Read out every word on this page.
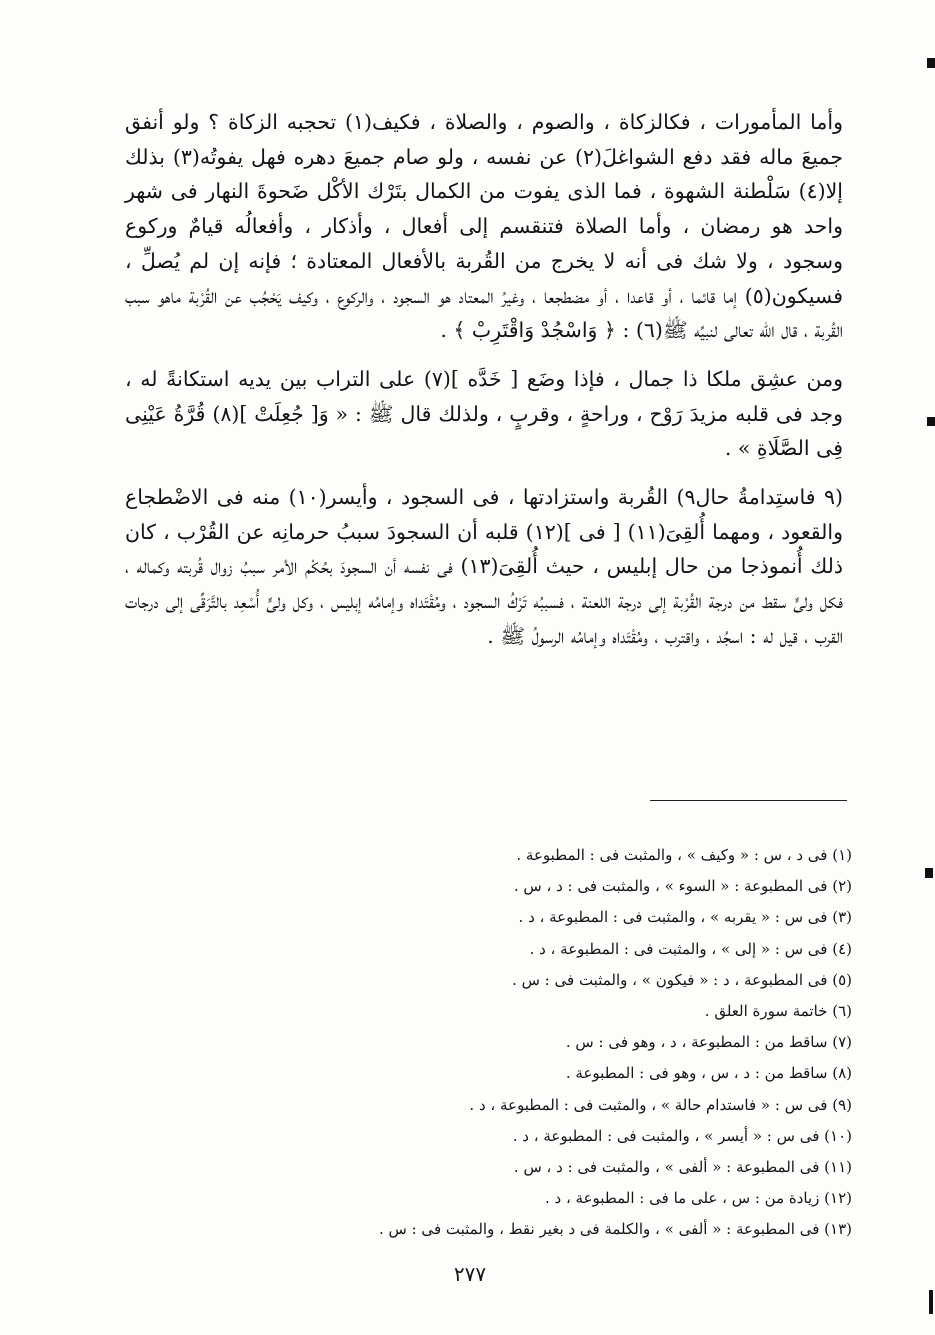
وأما المأمورات ، فكالزكاة ، والصوم ، والصلاة ، فكيف(١) تحجبه الزكاة ؟ ولو أنفق جميعَ ماله فقد دفع الشواغلَ(٢) عن نفسه ، ولو صام جميعَ دهره فهل يفوتُه(٣) بذلك إلا(٤) سَلْطنة الشهوة ، فما الذى يفوت من الكمال بتَرْك الأكْل ضَحوةَ النهار فى شهر واحد هو رمضان ، وأما الصلاة فتنقسم إلى أفعال ، وأذكار ، وأفعالُه قيامٌ وركوع وسجود ، ولا شك فى أنه لا يخرج من القُربة بالأفعال المعتادة ؛ فإنه إن لم يُصلِّ ، فسيكون(٥) إما قائما ، أو قاعدا ، أو مضطجعا ، وغيرُ المعتاد هو السجود ، والركوع ، وكيف يَحْجُب عن القُرْبة ماهو سبب القُربة ، قال الله تعالى لنبيِّه ﷺ(٦) : ﴿ وَاسْجُدْ وَاقْتَرِبْ ﴾ .

ومن عشِق ملكا ذا جمال ، فإذا وضَع [ خَدَّه ](٧) على التراب بين يديه استكانةً له ، وجد فى قلبه مزيدَ رَوْح ، وراحةٍ ، وقربٍ ، ولذلك قال ﷺ : « وَ[ جُعِلَتْ ](٨) قُرَّةُ عَيْنِى فِى الصَّلَاةِ » .

(٩ فاستِدامةُ حال٩) القُربة واستزادتها ، فى السجود ، وأيسر(١٠) منه فى الاضْطجاع والقعود ، ومهما أُلقِىَ(١١) [ فى ](١٢) قلبه أن السجودَ سببُ حرمانِه عن القُرْب ، كان ذلك أُنموذجا من حال إبليس ، حيث أُلقِىَ(١٣) فى نفسه أن السجودَ بحُكْم الأمر سببُ زوال قُربته وكماله ، فكل ولىٍّ سقط من درجة القُرْبة إلى درجة اللعنة ، فسببُه تَرْكُ السجود ، ومُقْتَداه وإمامُه إبليس ، وكل ولىٍّ أُسْعِد بالتَّرَقِّى إلى درجات القرب ، قيل له : اسجُد ، واقترب ، ومُقْتَداه وإمامُه الرسولُ ﷺ .

(١) فى د ، س : « وكيف » ، والمثبت فى : المطبوعة .
(٢) فى المطبوعة : « السوء » ، والمثبت فى : د ، س .
(٣) فى س : « يقربه » ، والمثبت فى : المطبوعة ، د .
(٤) فى س : « إلى » ، والمثبت فى : المطبوعة ، د .
(٥) فى المطبوعة ، د : « فيكون » ، والمثبت فى : س .
(٦) خاتمة سورة العلق .
(٧) ساقط من : المطبوعة ، د ، وهو فى : س .
(٨) ساقط من : د ، س ، وهو فى : المطبوعة .
(٩) فى س : « فاستدام حالة » ، والمثبت فى : المطبوعة ، د .
(١٠) فى س : « أيسر » ، والمثبت فى : المطبوعة ، د .
(١١) فى المطبوعة : « ألفى » ، والمثبت فى : د ، س .
(١٢) زيادة من : س ، على ما فى : المطبوعة ، د .
(١٣) فى المطبوعة : « ألفى » ، والكلمة فى د بغير نقط ، والمثبت فى : س .
٢٧٧
